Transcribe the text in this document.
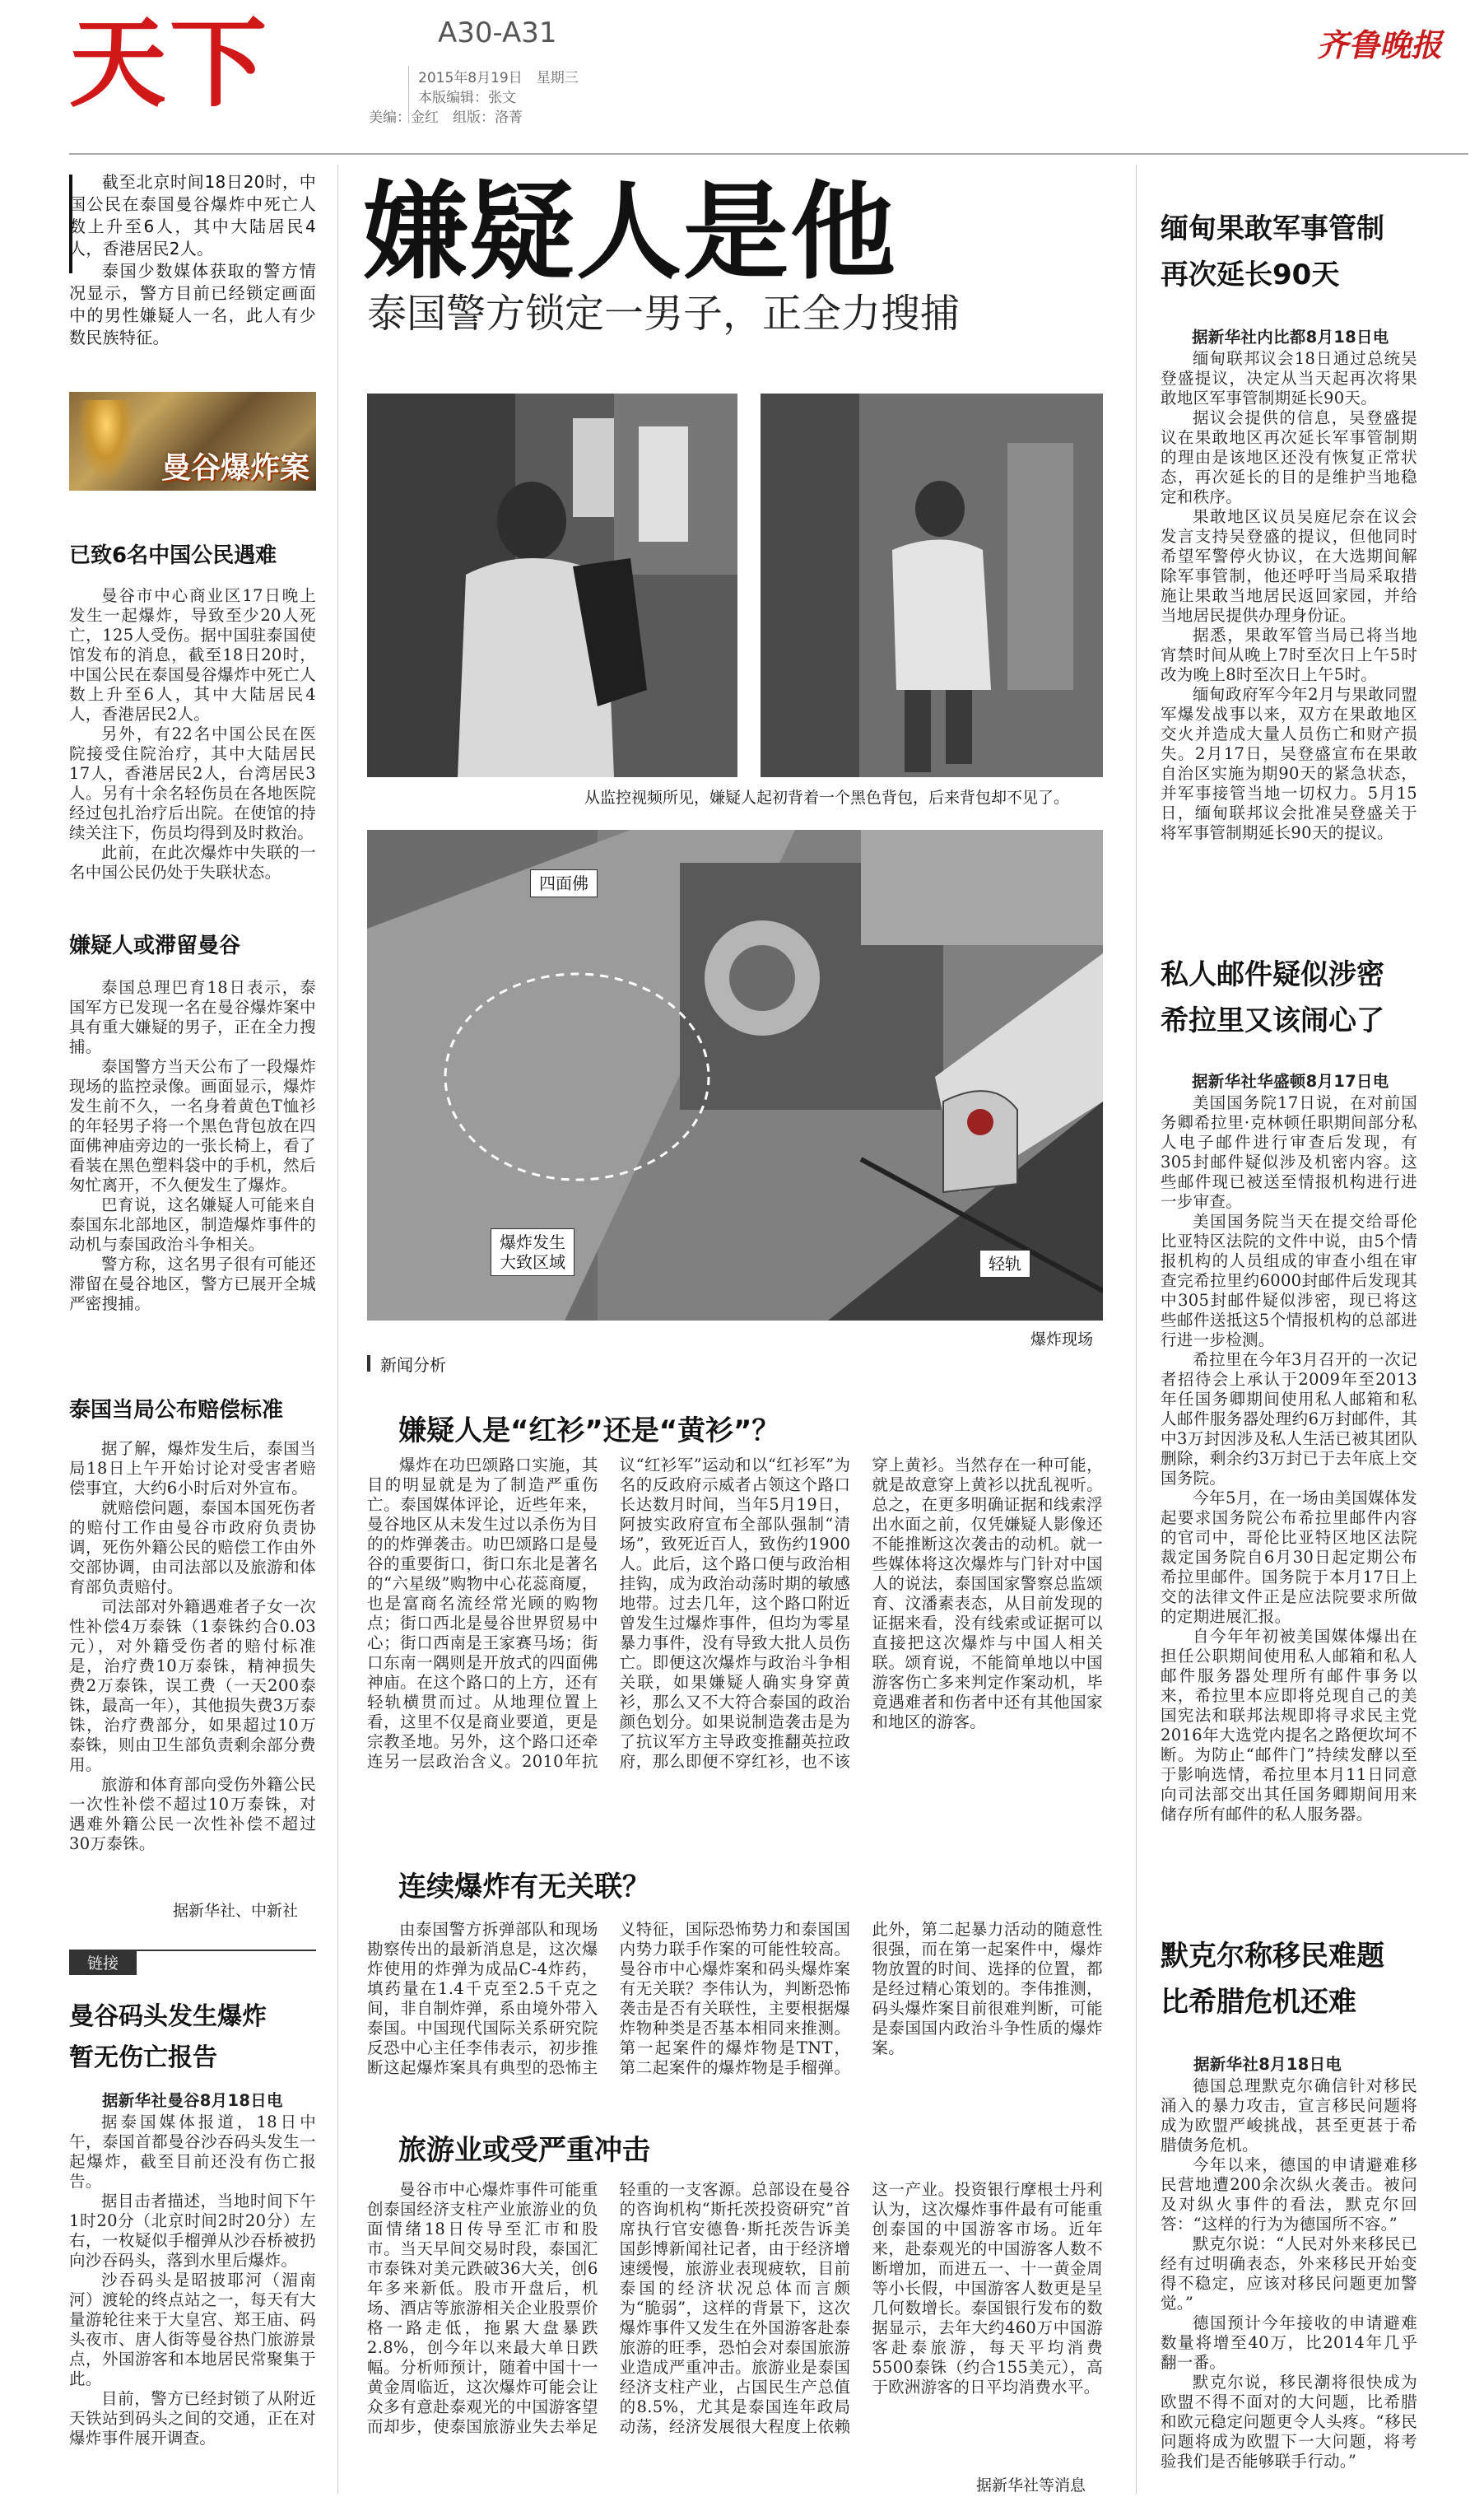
天下	A30-A31
2015年8月19日　星期三
本版编辑：张文
美编：金红　组版：洛菁
齐鲁晚报

截至北京时间18日20时，中国公民在泰国曼谷爆炸中死亡人数上升至6人，其中大陆居民4人，香港居民2人。

泰国少数媒体获取的警方情况显示，警方目前已经锁定画面中的男性嫌疑人一名，此人有少数民族特征。

曼谷爆炸案
已致6名中国公民遇难

曼谷市中心商业区17日晚上发生一起爆炸，导致至少20人死亡，125人受伤。据中国驻泰国使馆发布的消息，截至18日20时，中国公民在泰国曼谷爆炸中死亡人数上升至6人，其中大陆居民4人，香港居民2人。

另外，有22名中国公民在医院接受住院治疗，其中大陆居民17人，香港居民2人，台湾居民3人。另有十余名轻伤员在各地医院经过包扎治疗后出院。在使馆的持续关注下，伤员均得到及时救治。

此前，在此次爆炸中失联的一名中国公民仍处于失联状态。

嫌疑人或滞留曼谷

泰国总理巴育18日表示，泰国军方已发现一名在曼谷爆炸案中具有重大嫌疑的男子，正在全力搜捕。

泰国警方当天公布了一段爆炸现场的监控录像。画面显示，爆炸发生前不久，一名身着黄色T恤衫的年轻男子将一个黑色背包放在四面佛神庙旁边的一张长椅上，看了看装在黑色塑料袋中的手机，然后匆忙离开，不久便发生了爆炸。

巴育说，这名嫌疑人可能来自泰国东北部地区，制造爆炸事件的动机与泰国政治斗争相关。

警方称，这名男子很有可能还滞留在曼谷地区，警方已展开全城严密搜捕。

泰国当局公布赔偿标准

据了解，爆炸发生后，泰国当局18日上午开始讨论对受害者赔偿事宜，大约6小时后对外宣布。

就赔偿问题，泰国本国死伤者的赔付工作由曼谷市政府负责协调，死伤外籍公民的赔偿工作由外交部协调，由司法部以及旅游和体育部负责赔付。

司法部对外籍遇难者子女一次性补偿4万泰铢（1泰铢约合0.03元），对外籍受伤者的赔付标准是，治疗费10万泰铢，精神损失费2万泰铢，误工费（一天200泰铢，最高一年），其他损失费3万泰铢，治疗费部分，如果超过10万泰铢，则由卫生部负责剩余部分费用。

旅游和体育部向受伤外籍公民一次性补偿不超过10万泰铢，对遇难外籍公民一次性补偿不超过30万泰铢。

据新华社、中新社
链接
曼谷码头发生爆炸
暂无伤亡报告
据新华社曼谷8月18日电

据泰国媒体报道，18日中午，泰国首都曼谷沙吞码头发生一起爆炸，截至目前还没有伤亡报告。

据目击者描述，当地时间下午1时20分（北京时间2时20分）左右，一枚疑似手榴弹从沙吞桥被扔向沙吞码头，落到水里后爆炸。

沙吞码头是昭披耶河（湄南河）渡轮的终点站之一，每天有大量游轮往来于大皇宫、郑王庙、码头夜市、唐人街等曼谷热门旅游景点，外国游客和本地居民常聚集于此。

目前，警方已经封锁了从附近天铁站到码头之间的交通，正在对爆炸事件展开调查。

嫌疑人是他
泰国警方锁定一男子，正全力搜捕
从监控视频所见，嫌疑人起初背着一个黑色背包，后来背包却不见了。
四面佛
爆炸发生
大致区域	轻轨
爆炸现场
新闻分析
嫌疑人是“红衫”还是“黄衫”？

爆炸在功巴颂路口实施，其目的明显就是为了制造严重伤亡。泰国媒体评论，近些年来，曼谷地区从未发生过以杀伤为目的的炸弹袭击。叻巴颂路口是曼谷的重要街口，街口东北是著名的“六星级”购物中心花蕊商厦，也是富商名流经常光顾的购物点；街口西北是曼谷世界贸易中心；街口西南是王家赛马场；街口东南一隅则是开放式的四面佛神庙。在这个路口的上方，还有轻轨横贯而过。从地理位置上看，这里不仅是商业要道，更是宗教圣地。另外，这个路口还牵连另一层政治含义。2010年抗议“红衫军”运动和以“红衫军”为名的反政府示威者占领这个路口长达数月时间，当年5月19日，阿披实政府宣布全部队强制“清场”，致死近百人，致伤约1900人。此后，这个路口便与政治相挂钩，成为政治动荡时期的敏感地带。过去几年，这个路口附近曾发生过爆炸事件，但均为零星暴力事件，没有导致大批人员伤亡。即便这次爆炸与政治斗争相关联，如果嫌疑人确实身穿黄衫，那么又不大符合泰国的政治颜色划分。如果说制造袭击是为了抗议军方主导政变推翻英拉政府，那么即便不穿红衫，也不该穿上黄衫。当然存在一种可能，就是故意穿上黄衫以扰乱视听。总之，在更多明确证据和线索浮出水面之前，仅凭嫌疑人影像还不能推断这次袭击的动机。就一些媒体将这次爆炸与门针对中国人的说法，泰国国家警察总监颂育、汶潘素表态，从目前发现的证据来看，没有线索或证据可以直接把这次爆炸与中国人相关联。颂育说，不能简单地以中国游客伤亡多来判定作案动机，毕竟遇难者和伤者中还有其他国家和地区的游客。

连续爆炸有无关联？

由泰国警方拆弹部队和现场勘察传出的最新消息是，这次爆炸使用的炸弹为成品C-4炸药，填药量在1.4千克至2.5千克之间，非自制炸弹，系由境外带入泰国。中国现代国际关系研究院反恐中心主任李伟表示，初步推断这起爆炸案具有典型的恐怖主义特征，国际恐怖势力和泰国国内势力联手作案的可能性较高。曼谷市中心爆炸案和码头爆炸案有无关联？李伟认为，判断恐怖袭击是否有关联性，主要根据爆炸物种类是否基本相同来推测。第一起案件的爆炸物是TNT，第二起案件的爆炸物是手榴弹。此外，第二起暴力活动的随意性很强，而在第一起案件中，爆炸物放置的时间、选择的位置，都是经过精心策划的。李伟推测，码头爆炸案目前很难判断，可能是泰国国内政治斗争性质的爆炸案。

旅游业或受严重冲击

曼谷市中心爆炸事件可能重创泰国经济支柱产业旅游业的负面情绪18日传导至汇市和股市。当天早间交易时段，泰国汇市泰铢对美元跌破36大关，创6年多来新低。股市开盘后，机场、酒店等旅游相关企业股票价格一路走低，拖累大盘暴跌2.8%，创今年以来最大单日跌幅。分析师预计，随着中国十一黄金周临近，这次爆炸可能会让众多有意赴泰观光的中国游客望而却步，使泰国旅游业失去举足轻重的一支客源。总部设在曼谷的咨询机构“斯托茨投资研究”首席执行官安德鲁·斯托茨告诉美国彭博新闻社记者，由于经济增速缓慢，旅游业表现疲软，目前泰国的经济状况总体而言颇为“脆弱”，这样的背景下，这次爆炸事件又发生在外国游客赴泰旅游的旺季，恐怕会对泰国旅游业造成严重冲击。旅游业是泰国经济支柱产业，占国民生产总值的8.5%，尤其是泰国连年政局动荡，经济发展很大程度上依赖这一产业。投资银行摩根士丹利认为，这次爆炸事件最有可能重创泰国的中国游客市场。近年来，赴泰观光的中国游客人数不断增加，而进五一、十一黄金周等小长假，中国游客人数更是呈几何数增长。泰国银行发布的数据显示，去年大约460万中国游客赴泰旅游，每天平均消费5500泰铢（约合155美元），高于欧洲游客的日平均消费水平。

据新华社等消息
缅甸果敢军事管制
再次延长90天
据新华社内比都8月18日电

缅甸联邦议会18日通过总统吴登盛提议，决定从当天起再次将果敢地区军事管制期延长90天。

据议会提供的信息，吴登盛提议在果敢地区再次延长军事管制期的理由是该地区还没有恢复正常状态，再次延长的目的是维护当地稳定和秩序。

果敢地区议员吴庭尼奈在议会发言支持吴登盛的提议，但他同时希望军警停火协议，在大选期间解除军事管制，他还呼吁当局采取措施让果敢当地居民返回家园，并给当地居民提供办理身份证。

据悉，果敢军管当局已将当地宵禁时间从晚上7时至次日上午5时改为晚上8时至次日上午5时。

缅甸政府军今年2月与果敢同盟军爆发战事以来，双方在果敢地区交火并造成大量人员伤亡和财产损失。2月17日，吴登盛宣布在果敢自治区实施为期90天的紧急状态，并军事接管当地一切权力。5月15日，缅甸联邦议会批准吴登盛关于将军事管制期延长90天的提议。

私人邮件疑似涉密
希拉里又该闹心了
据新华社华盛顿8月17日电

美国国务院17日说，在对前国务卿希拉里·克林顿任职期间部分私人电子邮件进行审查后发现，有305封邮件疑似涉及机密内容。这些邮件现已被送至情报机构进行进一步审查。

美国国务院当天在提交给哥伦比亚特区法院的文件中说，由5个情报机构的人员组成的审查小组在审查完希拉里约6000封邮件后发现其中305封邮件疑似涉密，现已将这些邮件送抵这5个情报机构的总部进行进一步检测。

希拉里在今年3月召开的一次记者招待会上承认于2009年至2013年任国务卿期间使用私人邮箱和私人邮件服务器处理约6万封邮件，其中3万封因涉及私人生活已被其团队删除，剩余约3万封已于去年底上交国务院。

今年5月，在一场由美国媒体发起要求国务院公布希拉里邮件内容的官司中，哥伦比亚特区地区法院裁定国务院自6月30日起定期公布希拉里邮件。国务院于本月17日上交的法律文件正是应法院要求所做的定期进展汇报。

自今年年初被美国媒体爆出在担任公职期间使用私人邮箱和私人邮件服务器处理所有邮件事务以来，希拉里本应即将兑现自己的美国宪法和联邦法规即将寻求民主党2016年大选党内提名之路便坎坷不断。为防止“邮件门”持续发酵以至于影响选情，希拉里本月11日同意向司法部交出其任国务卿期间用来储存所有邮件的私人服务器。

默克尔称移民难题
比希腊危机还难
据新华社8月18日电

德国总理默克尔确信针对移民涌入的暴力攻击，宣言移民问题将成为欧盟严峻挑战，甚至更甚于希腊债务危机。

今年以来，德国的申请避难移民营地遭200余次纵火袭击。被问及对纵火事件的看法，默克尔回答：“这样的行为为德国所不容。”

默克尔说：“人民对外来移民已经有过明确表态，外来移民开始变得不稳定，应该对移民问题更加警觉。”

德国预计今年接收的申请避难数量将增至40万，比2014年几乎翻一番。

默克尔说，移民潮将很快成为欧盟不得不面对的大问题，比希腊和欧元稳定问题更令人头疼。“移民问题将成为欧盟下一大问题，将考验我们是否能够联手行动。”
